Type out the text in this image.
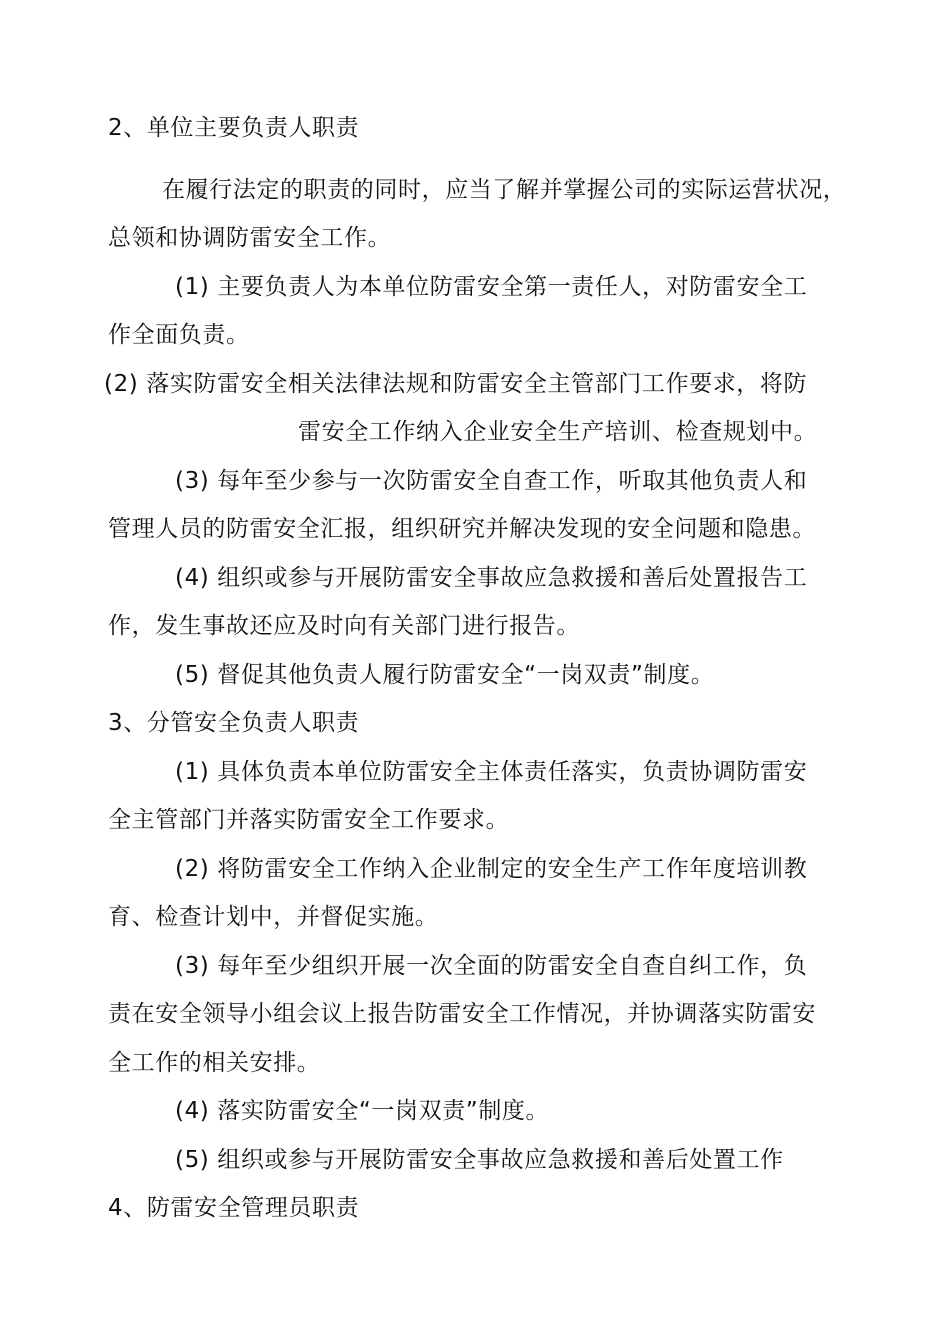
2、单位主要负责人职责
在履行法定的职责的同时，应当了解并掌握公司的实际运营状况，
总领和协调防雷安全工作。
(1) 主要负责人为本单位防雷安全第一责任人，对防雷安全工
作全面负责。
(2) 落实防雷安全相关法律法规和防雷安全主管部门工作要求，将防
雷安全工作纳入企业安全生产培训、检查规划中。
(3) 每年至少参与一次防雷安全自查工作，听取其他负责人和
管理人员的防雷安全汇报，组织研究并解决发现的安全问题和隐患。
(4) 组织或参与开展防雷安全事故应急救援和善后处置报告工
作，发生事故还应及时向有关部门进行报告。
(5) 督促其他负责人履行防雷安全“一岗双责”制度。
3、分管安全负责人职责
(1) 具体负责本单位防雷安全主体责任落实，负责协调防雷安
全主管部门并落实防雷安全工作要求。
(2) 将防雷安全工作纳入企业制定的安全生产工作年度培训教
育、检查计划中，并督促实施。
(3) 每年至少组织开展一次全面的防雷安全自查自纠工作，负
责在安全领导小组会议上报告防雷安全工作情况，并协调落实防雷安
全工作的相关安排。
(4) 落实防雷安全“一岗双责”制度。
(5) 组织或参与开展防雷安全事故应急救援和善后处置工作
4、防雷安全管理员职责
